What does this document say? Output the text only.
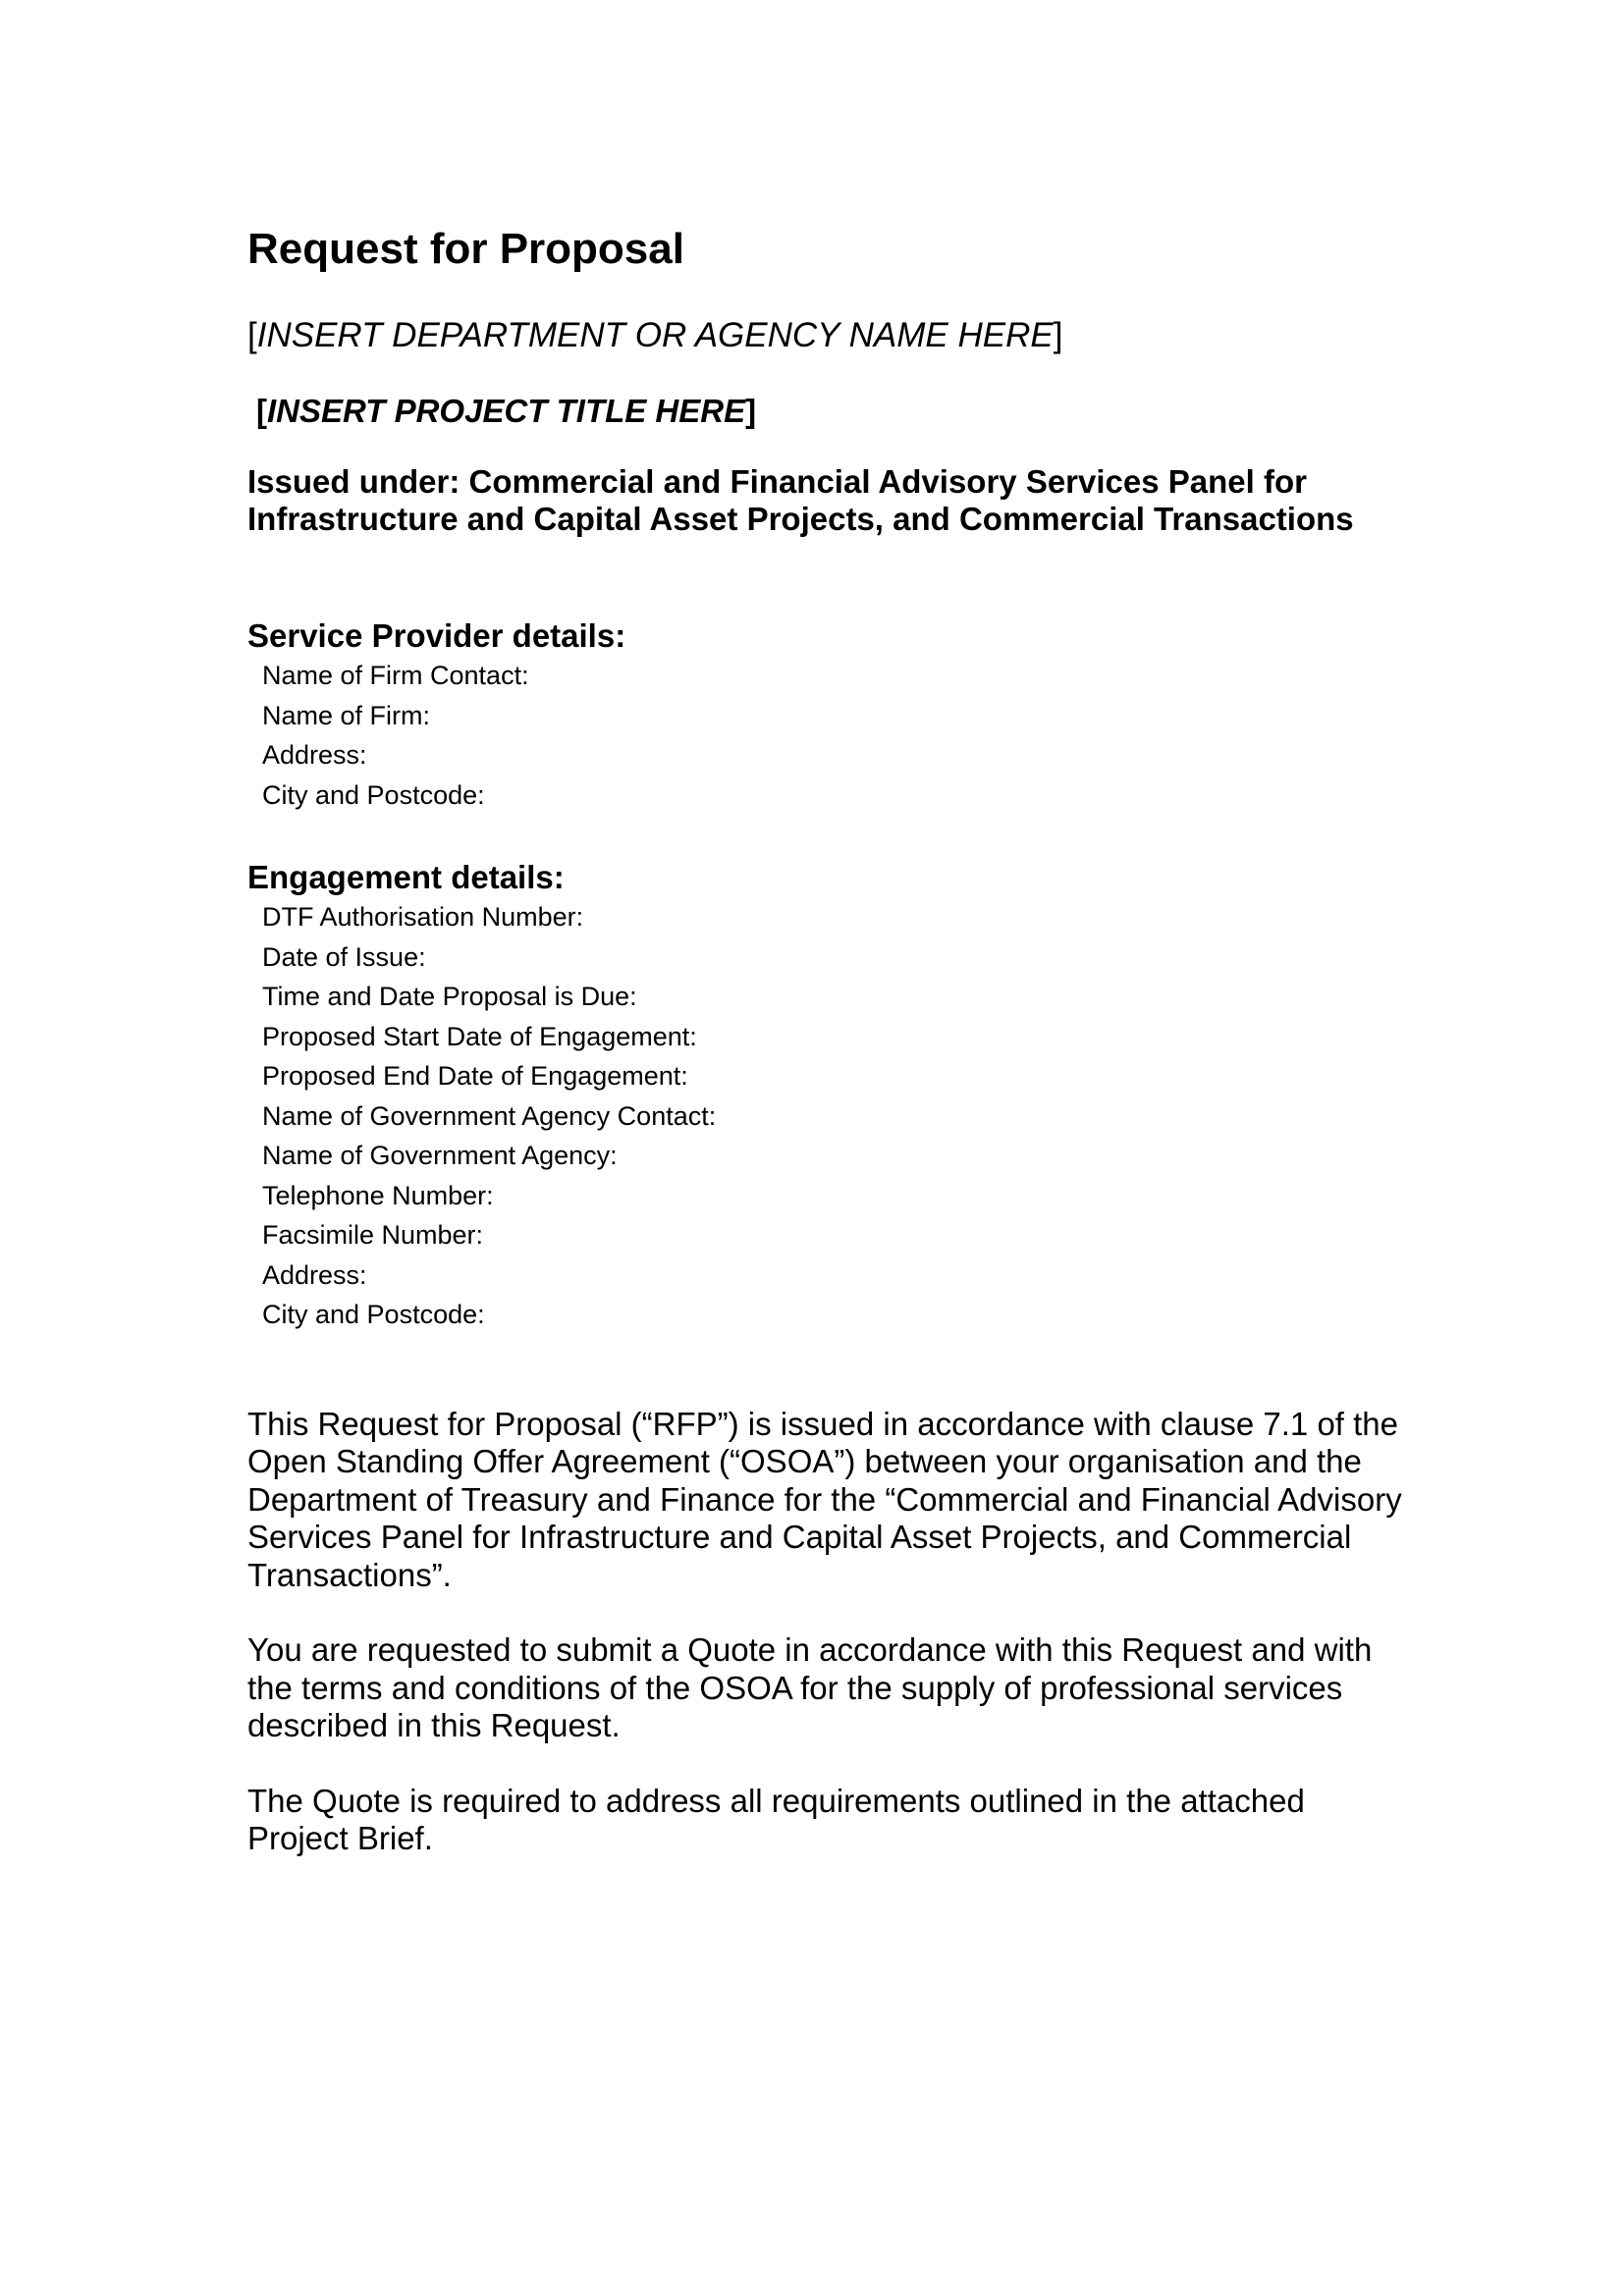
Request for Proposal
[INSERT DEPARTMENT OR AGENCY NAME HERE]
[INSERT PROJECT TITLE HERE]
Issued under: Commercial and Financial Advisory Services Panel for Infrastructure and Capital Asset Projects, and Commercial Transactions
Service Provider details:
Name of Firm Contact:
Name of Firm:
Address:
City and Postcode:
Engagement details:
DTF Authorisation Number:
Date of Issue:
Time and Date Proposal is Due:
Proposed Start Date of Engagement:
Proposed End Date of Engagement:
Name of Government Agency Contact:
Name of Government Agency:
Telephone Number:
Facsimile Number:
Address:
City and Postcode:

This Request for Proposal (“RFP”) is issued in accordance with clause 7.1 of the Open Standing Offer Agreement (“OSOA”) between your organisation and the Department of Treasury and Finance for the “Commercial and Financial Advisory Services Panel for Infrastructure and Capital Asset Projects, and Commercial Transactions”.

You are requested to submit a Quote in accordance with this Request and with the terms and conditions of the OSOA for the supply of professional services described in this Request.

The Quote is required to address all requirements outlined in the attached Project Brief.
